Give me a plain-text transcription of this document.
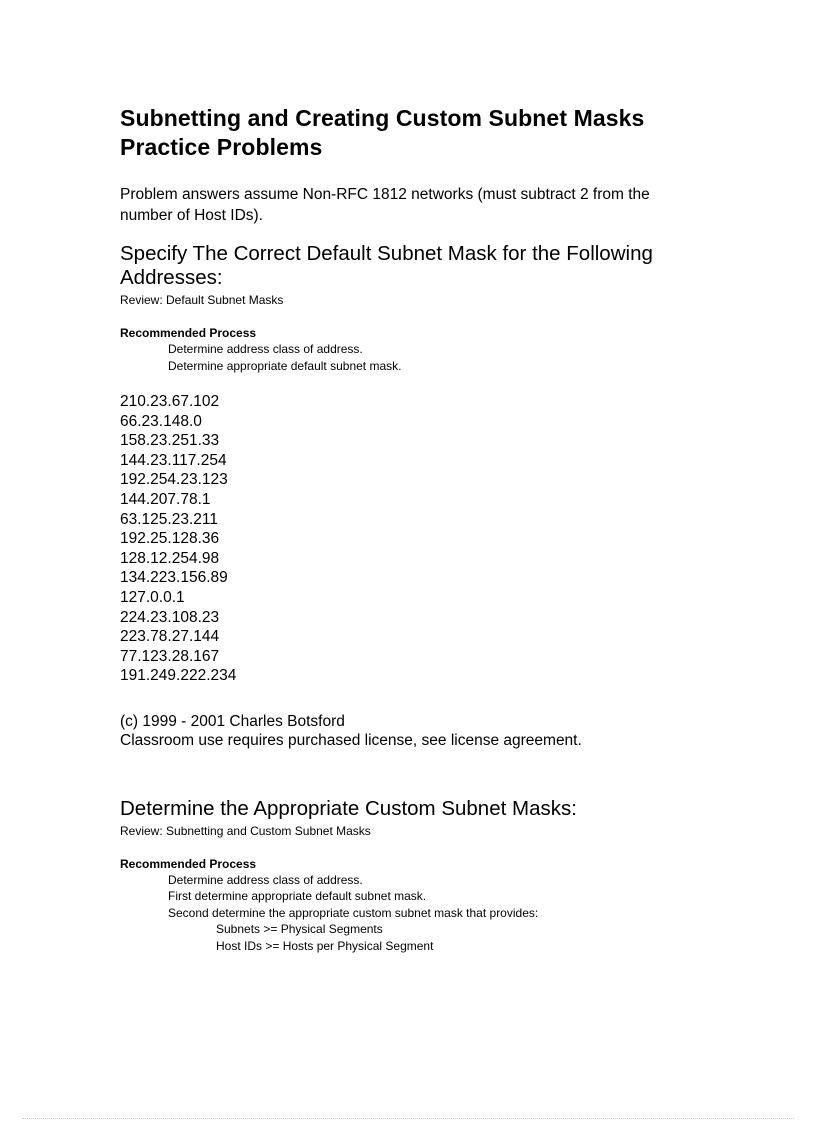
Subnetting and Creating Custom Subnet Masks
Practice Problems

Problem answers assume Non-RFC 1812 networks (must subtract 2 from the number of Host IDs).

Specify The Correct Default Subnet Mask for the Following Addresses:
Review: Default Subnet Masks
Recommended Process
Determine address class of address.
Determine appropriate default subnet mask.
210.23.67.102
66.23.148.0
158.23.251.33
144.23.117.254
192.254.23.123
144.207.78.1
63.125.23.211
192.25.128.36
128.12.254.98
134.223.156.89
127.0.0.1
224.23.108.23
223.78.27.144
77.123.28.167
191.249.222.234
(c) 1999 - 2001 Charles Botsford
Classroom use requires purchased license, see license agreement.
Determine the Appropriate Custom Subnet Masks:
Review: Subnetting and Custom Subnet Masks
Recommended Process
Determine address class of address.
First determine appropriate default subnet mask.
Second determine the appropriate custom subnet mask that provides:
Subnets >= Physical Segments
Host IDs >= Hosts per Physical Segment
